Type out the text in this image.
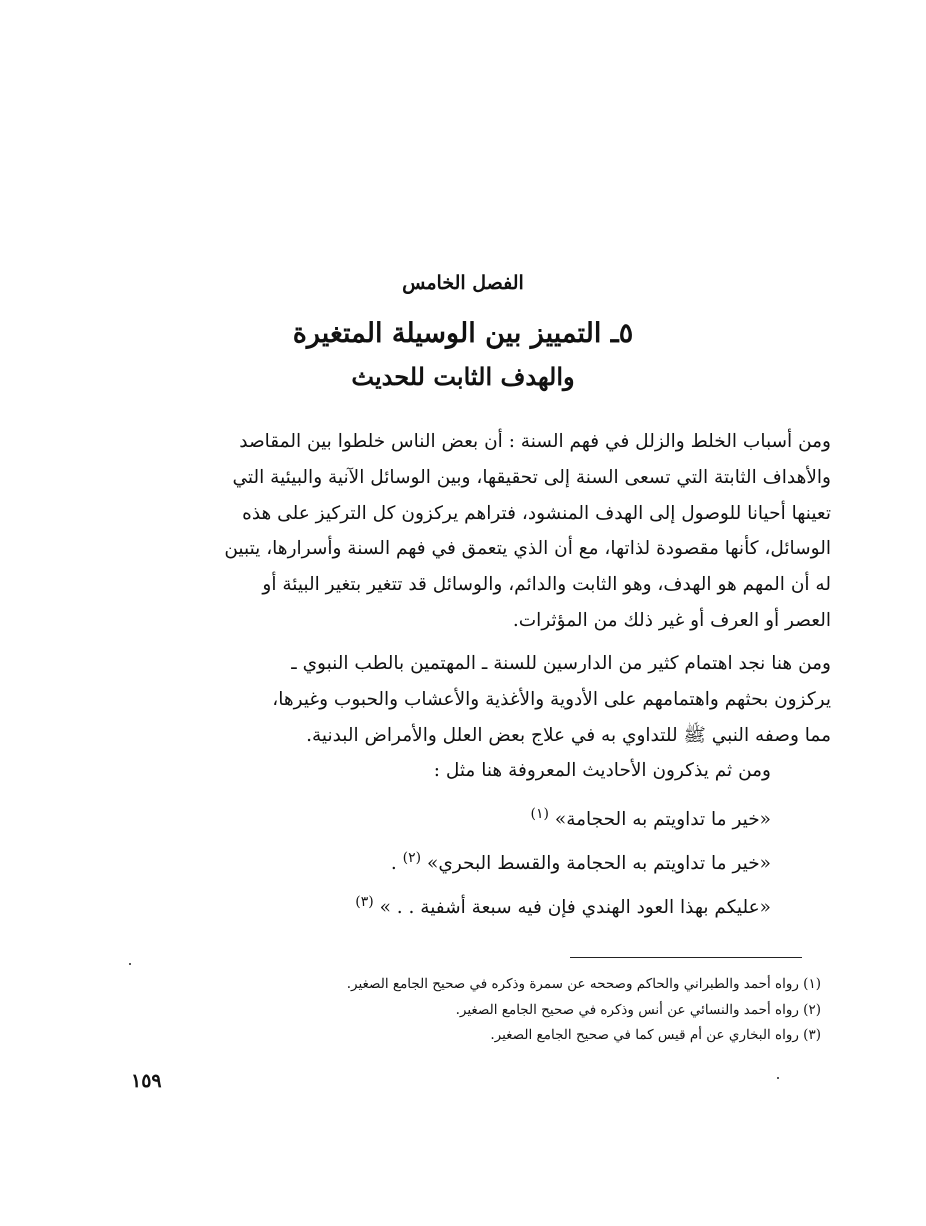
الفصل الخامس
٥ـ التمييز بين الوسيلة المتغيرة
والهدف الثابت للحديث
ومن أسباب الخلط والزلل في فهم السنة : أن بعض الناس خلطوا بين المقاصد
والأهداف الثابتة التي تسعى السنة إلى تحقيقها، وبين الوسائل الآنية والبيئية التي
تعينها أحيانا للوصول إلى الهدف المنشود، فتراهم يركزون كل التركيز على هذه
الوسائل، كأنها مقصودة لذاتها، مع أن الذي يتعمق في فهم السنة وأسرارها، يتبين
له أن المهم هو الهدف، وهو الثابت والدائم، والوسائل قد تتغير بتغير البيئة أو
العصر أو العرف أو غير ذلك من المؤثرات.
ومن هنا نجد اهتمام كثير من الدارسين للسنة ـ المهتمين بالطب النبوي ـ
يركزون بحثهم واهتمامهم على الأدوية والأغذية والأعشاب والحبوب وغيرها،
مما وصفه النبي ﷺ للتداوي به في علاج بعض العلل والأمراض البدنية.
ومن ثم يذكرون الأحاديث المعروفة هنا مثل :
«خير ما تداويتم به الحجامة» $^{(١)}$
«خير ما تداويتم به الحجامة والقسط البحري» $^{(٢)}$ .
«عليكم بهذا العود الهندي فإن فيه سبعة أشفية . . » $^{(٣)}$
(١) رواه أحمد والطبراني والحاكم وصححه عن سمرة وذكره في صحيح الجامع الصغير.
(٢) رواه أحمد والنسائي عن أنس وذكره في صحيح الجامع الصغير.
(٣) رواه البخاري عن أم قيس كما في صحيح الجامع الصغير.
١٥٩
